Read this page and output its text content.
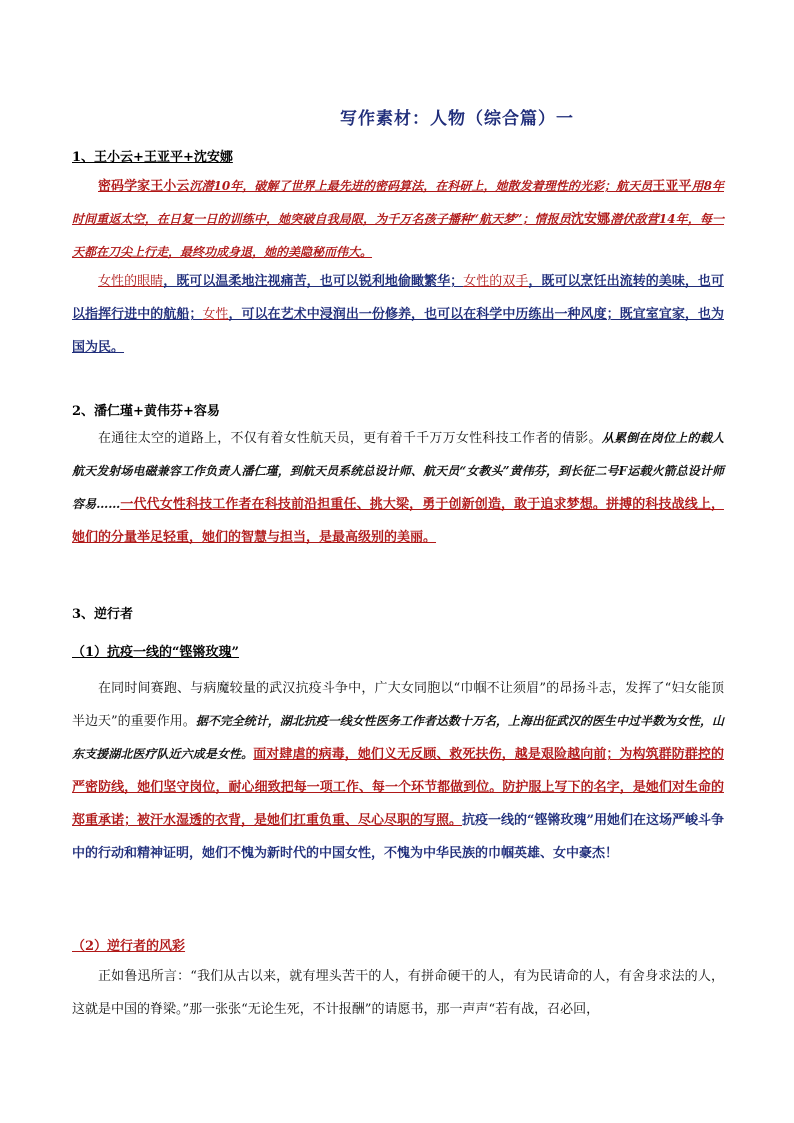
写作素材：人物（综合篇）一
1、王小云+王亚平+沈安娜
密码学家王小云沉潜10年，破解了世界上最先进的密码算法，在科研上，她散发着理性的光彩；航天员王亚平用8年时间重返太空，在日复一日的训练中，她突破自我局限，为千万名孩子播种“航天梦”；情报员沈安娜潜伏敌营14年，每一天都在刀尖上行走，最终功成身退，她的美隐秘而伟大。
女性的眼睛，既可以温柔地注视痛苦，也可以锐利地偷瞰繁华；女性的双手，既可以烹饪出流转的美味，也可以指挥行进中的航船；女性，可以在艺术中浸润出一份修养，也可以在科学中历练出一种风度；既宜室宜家，也为国为民。
2、潘仁瑾+黄伟芬+容易
在通往太空的道路上，不仅有着女性航天员，更有着千千万万女性科技工作者的倩影。从累倒在岗位上的载人航天发射场电磁兼容工作负责人潘仁瑾，到航天员系统总设计师、航天员“女教头”黄伟芬，到长征二号F运载火箭总设计师容易……一代代女性科技工作者在科技前沿担重任、挑大梁，勇于创新创造，敢于追求梦想。拼搏的科技战线上，她们的分量举足轻重，她们的智慧与担当，是最高级别的美丽。
3、逆行者
（1）抗疫一线的“铿锵玫瑰”
在同时间赛跑、与病魔较量的武汉抗疫斗争中，广大女同胞以“巾帼不让须眉”的昂扬斗志，发挥了“妇女能顶半边天”的重要作用。据不完全统计，湖北抗疫一线女性医务工作者达数十万名，上海出征武汉的医生中过半数为女性，山东支援湖北医疗队近六成是女性。面对肆虐的病毒，她们义无反顾、救死扶伤，越是艰险越向前；为构筑群防群控的严密防线，她们坚守岗位，耐心细致把每一项工作、每一个环节都做到位。防护服上写下的名字，是她们对生命的郑重承诺；被汗水湿透的衣背，是她们扛重负重、尽心尽职的写照。抗疫一线的“铿锵玫瑰”用她们在这场严峻斗争中的行动和精神证明，她们不愧为新时代的中国女性，不愧为中华民族的巾帼英雄、女中豪杰！
（2）逆行者的风彩
正如鲁迅所言：“我们从古以来，就有埋头苦干的人，有拼命硬干的人，有为民请命的人，有舍身求法的人，这就是中国的脊梁。”那一张张“无论生死，不计报酬”的请愿书，那一声声“若有战，召必回，
